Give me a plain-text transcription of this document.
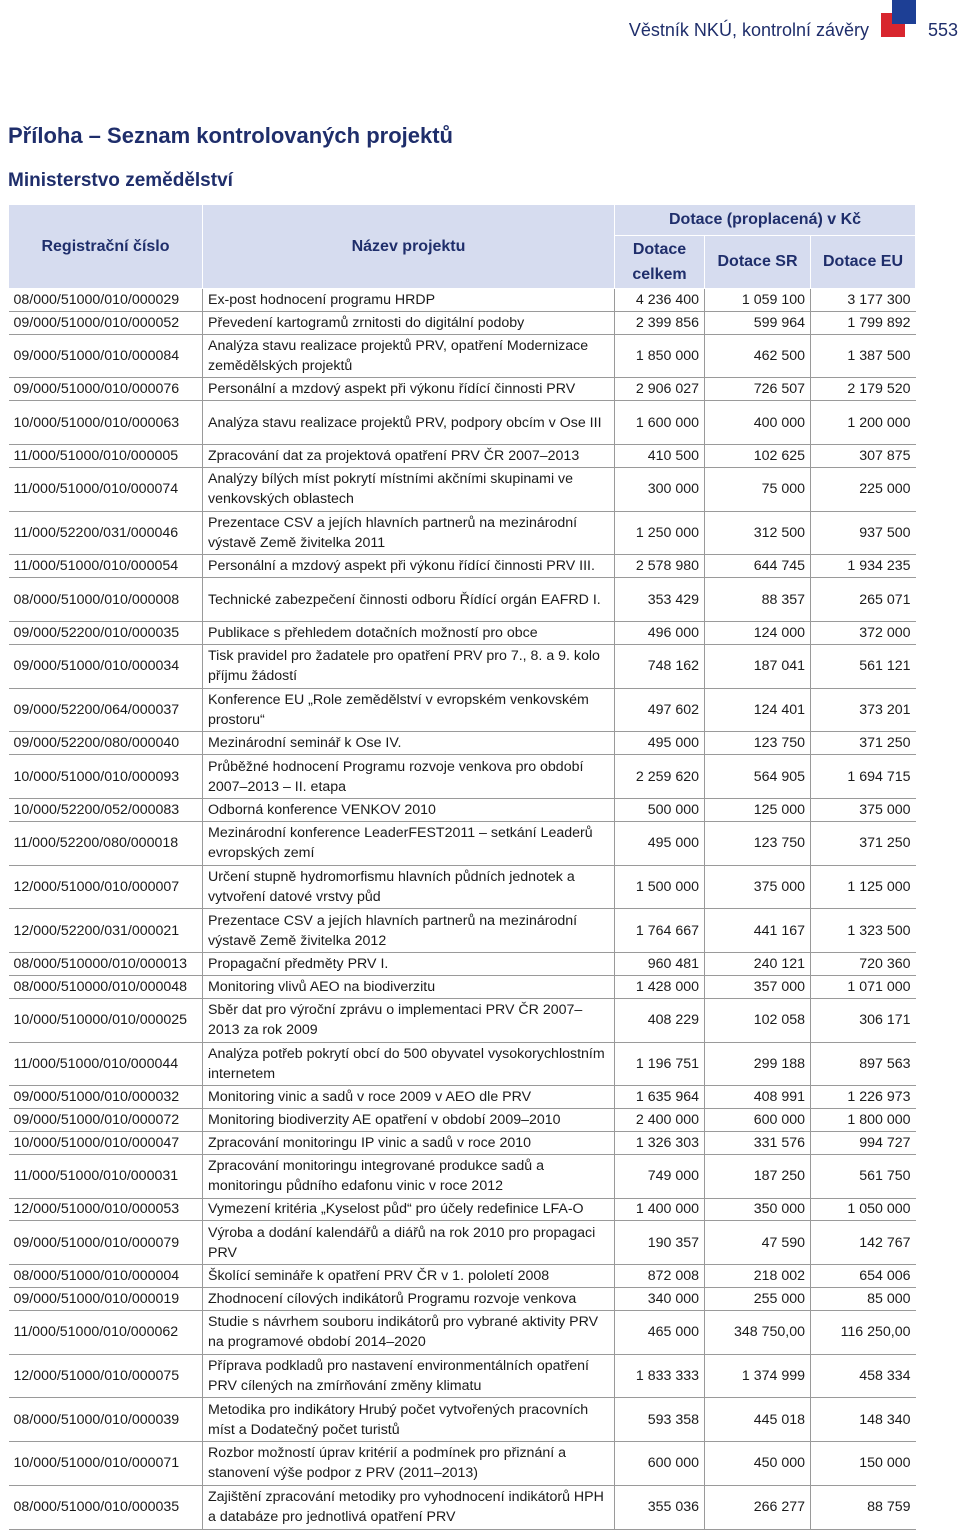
Věstník NKÚ, kontrolní závěry	553
Příloha – Seznam kontrolovaných projektů
Ministerstvo zemědělství
Registrační číslo	Název projektu	Dotace (proplacená) v Kč		
		Dotace celkem	Dotace SR	Dotace EU
08/000/51000/010/000029	Ex-post hodnocení programu HRDP	4 236 400	1 059 100	3 177 300
09/000/51000/010/000052	Převedení kartogramů zrnitosti do digitální podoby	2 399 856	599 964	1 799 892
09/000/51000/010/000084	Analýza stavu realizace projektů PRV, opatření Modernizace zemědělských projektů	1 850 000	462 500	1 387 500
09/000/51000/010/000076	Personální a mzdový aspekt při výkonu řídící činnosti PRV	2 906 027	726 507	2 179 520
10/000/51000/010/000063	Analýza stavu realizace projektů PRV, podpory obcím v Ose III	1 600 000	400 000	1 200 000
11/000/51000/010/000005	Zpracování dat za projektová opatření PRV ČR 2007–2013	410 500	102 625	307 875
11/000/51000/010/000074	Analýzy bílých míst pokrytí místními akčními skupinami ve venkovských oblastech	300 000	75 000	225 000
11/000/52200/031/000046	Prezentace CSV a jejích hlavních partnerů na mezinárodní výstavě Země živitelka 2011	1 250 000	312 500	937 500
11/000/51000/010/000054	Personální a mzdový aspekt při výkonu řídící činnosti PRV III.	2 578 980	644 745	1 934 235
08/000/51000/010/000008	Technické zabezpečení činnosti odboru Řídící orgán EAFRD I.	353 429	88 357	265 071
09/000/52200/010/000035	Publikace s přehledem dotačních možností pro obce	496 000	124 000	372 000
09/000/51000/010/000034	Tisk pravidel pro žadatele pro opatření PRV pro 7., 8. a 9. kolo příjmu žádostí	748 162	187 041	561 121
09/000/52200/064/000037	Konference EU „Role zemědělství v evropském venkovském prostoru“	497 602	124 401	373 201
09/000/52200/080/000040	Mezinárodní seminář k Ose IV.	495 000	123 750	371 250
10/000/51000/010/000093	Průběžné hodnocení Programu rozvoje venkova pro období 2007–2013 – II. etapa	2 259 620	564 905	1 694 715
10/000/52200/052/000083	Odborná konference VENKOV 2010	500 000	125 000	375 000
11/000/52200/080/000018	Mezinárodní konference LeaderFEST2011 – setkání Leaderů evropských zemí	495 000	123 750	371 250
12/000/51000/010/000007	Určení stupně hydromorfismu hlavních půdních jednotek a vytvoření datové vrstvy půd	1 500 000	375 000	1 125 000
12/000/52200/031/000021	Prezentace CSV a jejích hlavních partnerů na mezinárodní výstavě Země živitelka 2012	1 764 667	441 167	1 323 500
08/000/510000/010/000013	Propagační předměty PRV I.	960 481	240 121	720 360
08/000/510000/010/000048	Monitoring vlivů AEO na biodiverzitu	1 428 000	357 000	1 071 000
10/000/510000/010/000025	Sběr dat pro výroční zprávu o implementaci PRV ČR 2007–2013 za rok 2009	408 229	102 058	306 171
11/000/51000/010/000044	Analýza potřeb pokrytí obcí do 500 obyvatel vysokorychlostním internetem	1 196 751	299 188	897 563
09/000/51000/010/000032	Monitoring vinic a sadů v roce 2009 v AEO dle PRV	1 635 964	408 991	1 226 973
09/000/51000/010/000072	Monitoring biodiverzity AE opatření v období 2009–2010	2 400 000	600 000	1 800 000
10/000/51000/010/000047	Zpracování monitoringu IP vinic a sadů v roce 2010	1 326 303	331 576	994 727
11/000/51000/010/000031	Zpracování monitoringu integrované produkce sadů a monitoringu půdního edafonu vinic v roce 2012	749 000	187 250	561 750
12/000/51000/010/000053	Vymezení kritéria „Kyselost půd“ pro účely redefinice LFA-O	1 400 000	350 000	1 050 000
09/000/51000/010/000079	Výroba a dodání kalendářů a diářů na rok 2010 pro propagaci PRV	190 357	47 590	142 767
08/000/51000/010/000004	Školící semináře k opatření PRV ČR v 1. pololetí 2008	872 008	218 002	654 006
09/000/51000/010/000019	Zhodnocení cílových indikátorů Programu rozvoje venkova	340 000	255 000	85 000
11/000/51000/010/000062	Studie s návrhem souboru indikátorů pro vybrané aktivity PRV na programové období 2014–2020	465 000	348 750,00	116 250,00
12/000/51000/010/000075	Příprava podkladů pro nastavení environmentálních opatření PRV cílených na zmírňování změny klimatu	1 833 333	1 374 999	458 334
08/000/51000/010/000039	Metodika pro indikátory Hrubý počet vytvořených pracovních míst a Dodatečný počet turistů	593 358	445 018	148 340
10/000/51000/010/000071	Rozbor možností úprav kritérií a podmínek pro přiznání a stanovení výše podpor z PRV (2011–2013)	600 000	450 000	150 000
08/000/51000/010/000035	Zajištění zpracování metodiky pro vyhodnocení indikátorů HPH a databáze pro jednotlivá opatření PRV	355 036	266 277	88 759
